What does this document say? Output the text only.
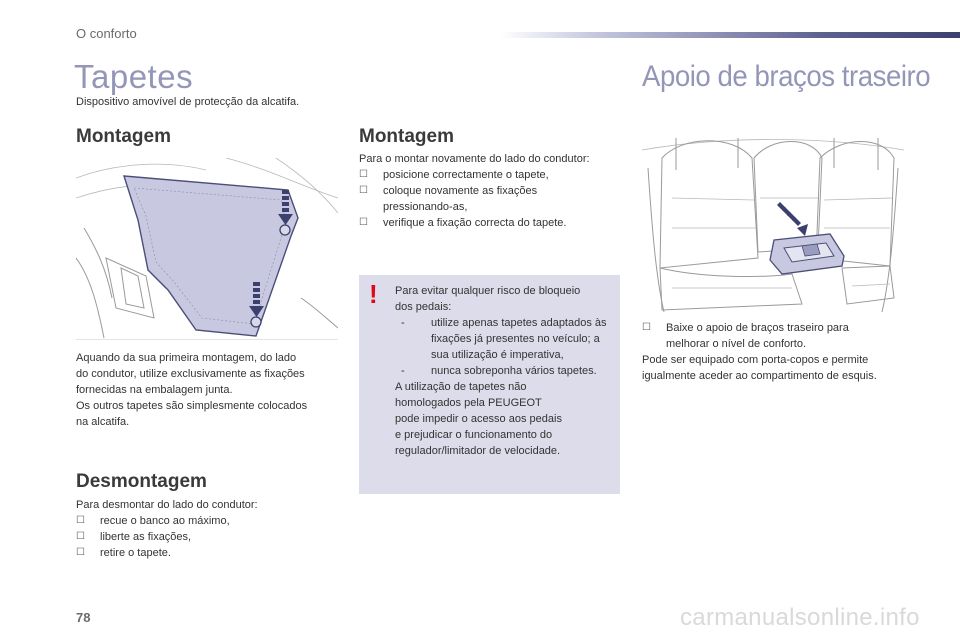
O conforto
Tapetes
Dispositivo amovível de protecção da alcatifa.
Montagem
Aquando da sua primeira montagem, do lado
do condutor, utilize exclusivamente as fixações
fornecidas na embalagem junta.
Os outros tapetes são simplesmente colocados
na alcatifa.
Desmontagem
Para desmontar do lado do condutor:
☐ recue o banco ao máximo,
☐ liberte as fixações,
☐ retire o tapete.
Montagem
Para o montar novamente do lado do condutor:
☐ posicione correctamente o tapete,
☐ coloque novamente as fixações
pressionando-as,
☐ verifique a fixação correcta do tapete.
!	Para evitar qualquer risco de bloqueio
dos pedais:
- utilize apenas tapetes adaptados às
fixações já presentes no veículo; a
sua utilização é imperativa,
- nunca sobreponha vários tapetes.
A utilização de tapetes não
homologados pela PEUGEOT
pode impedir o acesso aos pedais
e prejudicar o funcionamento do
regulador/limitador de velocidade.
Apoio de braços traseiro
☐ Baixe o apoio de braços traseiro para
melhorar o nível de conforto.
Pode ser equipado com porta-copos e permite
igualmente aceder ao compartimento de esquis.
78	carmanualsonline.info
